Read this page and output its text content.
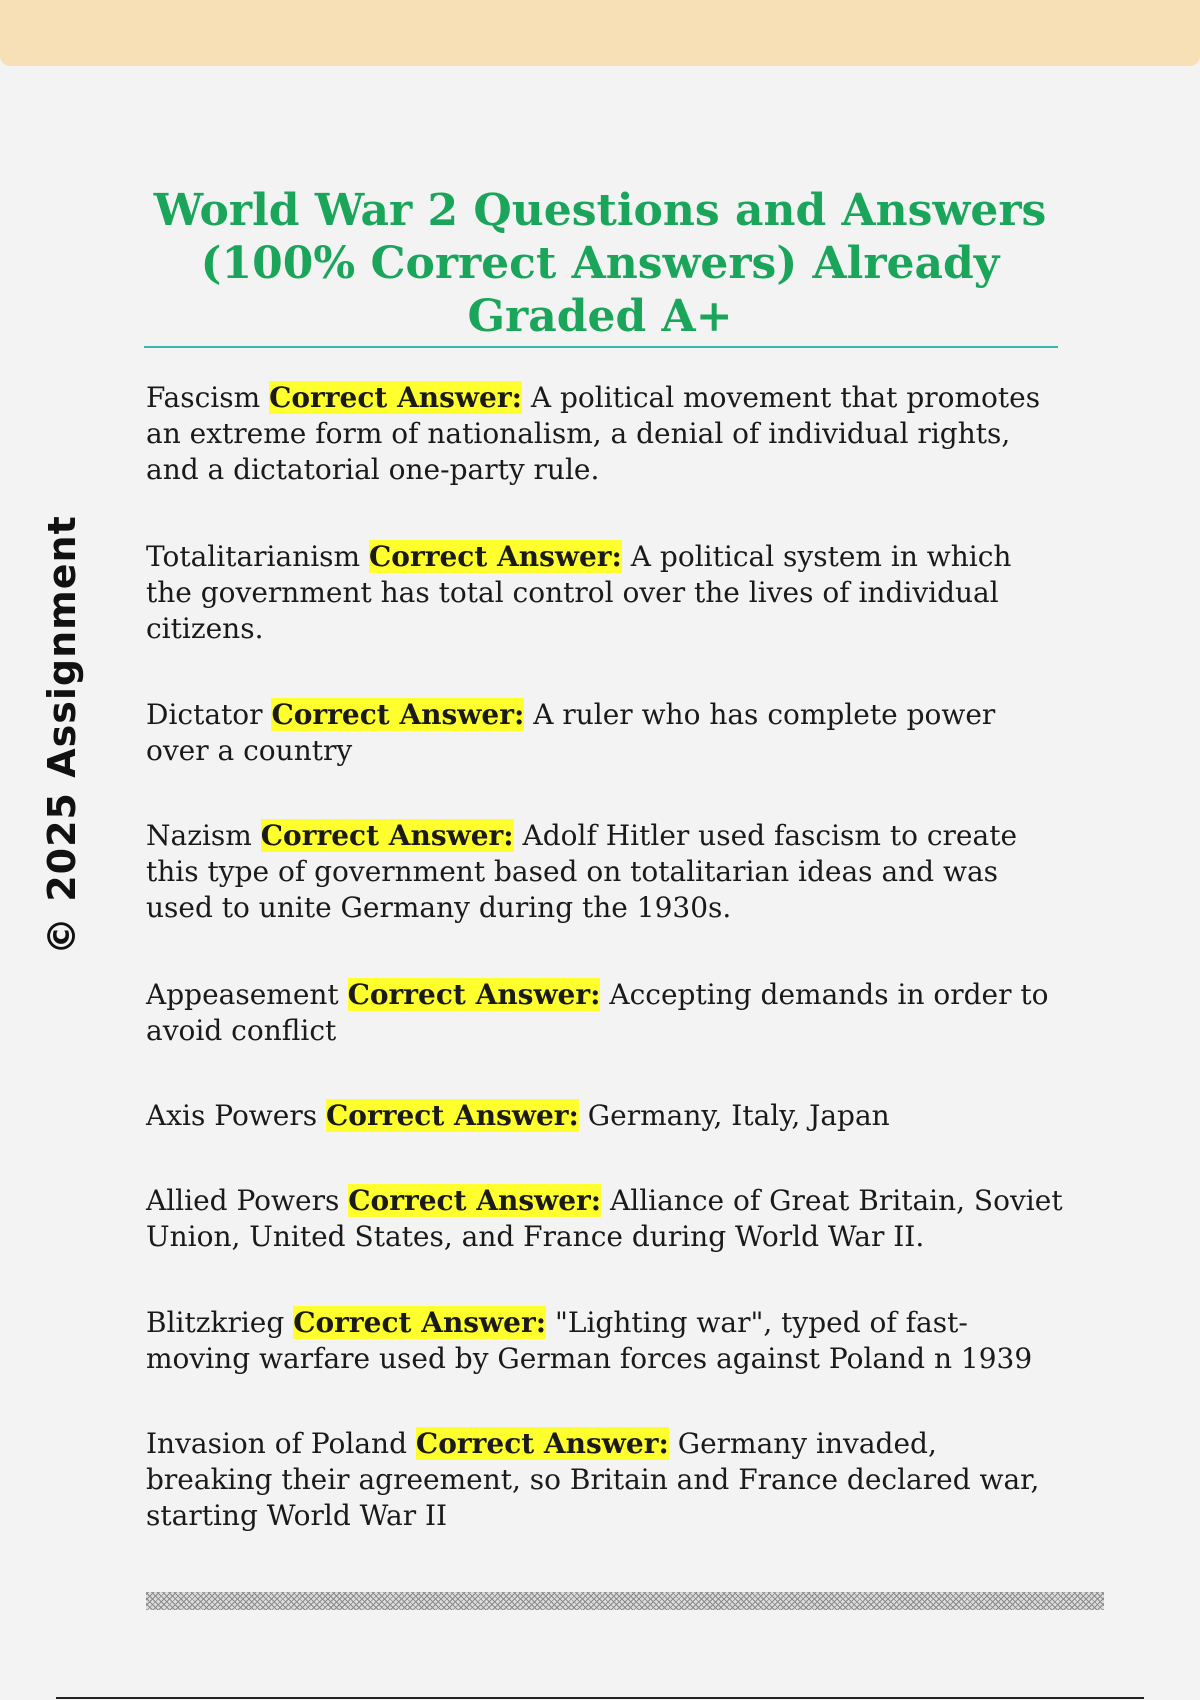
© 2025 Assignment
World War 2 Questions and Answers (100% Correct Answers) Already Graded A+

Fascism Correct Answer: A political movement that promotes an extreme form of nationalism, a denial of individual rights, and a dictatorial one-party rule.

Totalitarianism Correct Answer: A political system in which the government has total control over the lives of individual citizens.

Dictator Correct Answer: A ruler who has complete power over a country

Nazism Correct Answer: Adolf Hitler used fascism to create this type of government based on totalitarian ideas and was used to unite Germany during the 1930s.

Appeasement Correct Answer: Accepting demands in order to avoid conflict

Axis Powers Correct Answer: Germany, Italy, Japan

Allied Powers Correct Answer: Alliance of Great Britain, Soviet Union, United States, and France during World War II.

Blitzkrieg Correct Answer: "Lighting war", typed of fast-moving warfare used by German forces against Poland n 1939

Invasion of Poland Correct Answer: Germany invaded, breaking their agreement, so Britain and France declared war, starting World War II
